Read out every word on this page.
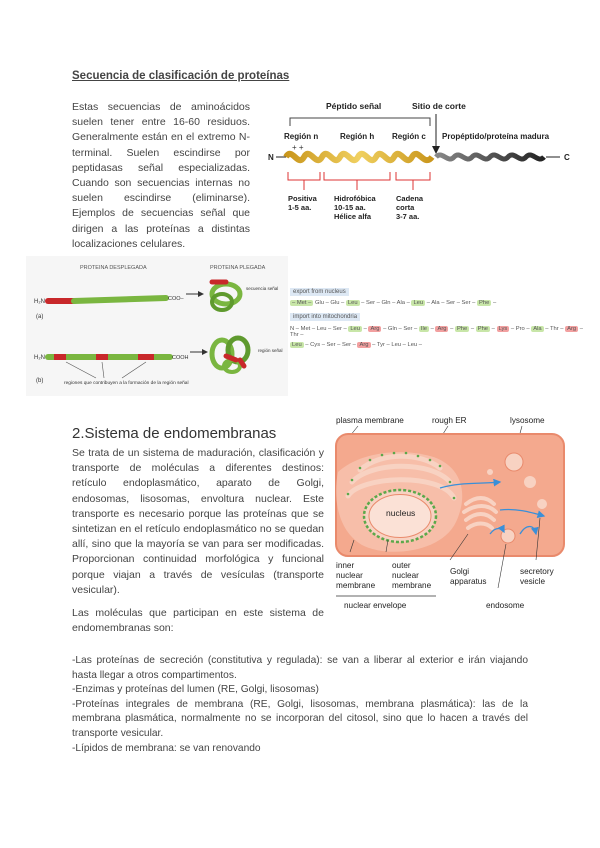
Secuencia de clasificación de proteínas
Estas secuencias de aminoácidos suelen tener entre 16-60 residuos. Generalmente están en el extremo N-terminal. Suelen escindirse por peptidasas señal especializadas. Cuando son secuencias internas no suelen escindirse (eliminarse). Ejemplos de secuencias señal que dirigen a las proteínas a distintas localizaciones celulares.
Péptido señal	Sitio de corte
Región n	Región h Región c Propéptido/proteína madura
+ +
N	C
Positiva 1-5 aa.
Hidrofóbica 10-15 aa. Hélice alfa
Cadena corta 3-7 aa.
PROTEINA DESPLEGADA	PROTEINA PLEGADA
H₂N	COO–
(a)
secuencia señal
H₂N	COOH
(b)	regiones que contribuyen a la formación de la región señal
región señal
export from nucleus
– Met – Glu – Glu – Leu – Ser – Gln – Ala – Leu – Ala – Ser – Ser – Phe –
import into mitochondria
N – Met – Leu – Ser – Leu – Arg – Gln – Ser – Ile – Arg – Phe – Phe – Lys – Pro – Ala – Thr – Arg – Thr –
Leu – Cys – Ser – Ser – Arg – Tyr – Leu – Leu –
2.Sistema de endomembranas
Se trata de un sistema de maduración, clasificación y transporte de moléculas a diferentes destinos: retículo endoplasmático, aparato de Golgi, endosomas, lisosomas, envoltura nuclear. Este transporte es necesario porque las proteínas que se sintetizan en el retículo endoplasmático no se quedan allí, sino que la mayoría se van para ser modificadas. Proporcionan continuidad morfológica y funcional porque viajan a través de vesículas (transporte vesicular).
Las moléculas que participan en este sistema de endomembranas son:
-Las proteínas de secreción (constitutiva y regulada): se van a liberar al exterior e irán viajando hasta llegar a otros compartimentos.
-Enzimas y proteínas del lumen (RE, Golgi, lisosomas)
-Proteínas integrales de membrana (RE, Golgi, lisosomas, membrana plasmática): las de la membrana plasmática, normalmente no se incorporan del citosol, sino que lo hacen a través del transporte vesicular.
-Lípidos de membrana: se van renovando
plasma membrane	rough ER	lysosome
nucleus
inner nuclear membrane
outer nuclear membrane
Golgi apparatus
secretory vesicle
nuclear envelope	endosome
